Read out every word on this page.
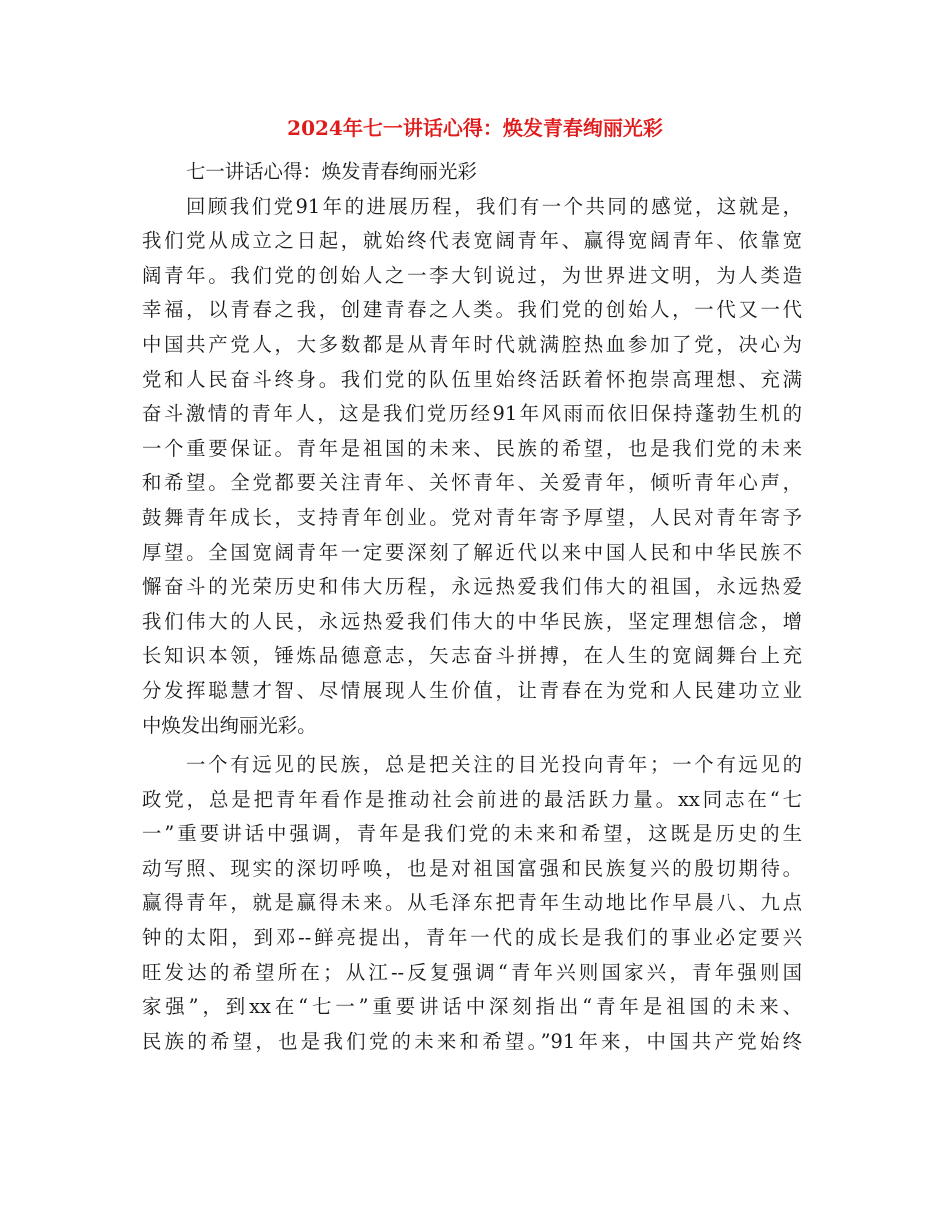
2024年七一讲话心得：焕发青春绚丽光彩

七一讲话心得：焕发青春绚丽光彩

回顾我们党91年的进展历程，我们有一个共同的感觉，这就是，
我们党从成立之日起，就始终代表宽阔青年、赢得宽阔青年、依靠宽
阔青年。我们党的创始人之一李大钊说过，为世界进文明，为人类造
幸福，以青春之我，创建青春之人类。我们党的创始人，一代又一代
中国共产党人，大多数都是从青年时代就满腔热血参加了党，决心为
党和人民奋斗终身。我们党的队伍里始终活跃着怀抱崇高理想、充满
奋斗激情的青年人，这是我们党历经91年风雨而依旧保持蓬勃生机的
一个重要保证。青年是祖国的未来、民族的希望，也是我们党的未来
和希望。全党都要关注青年、关怀青年、关爱青年，倾听青年心声，
鼓舞青年成长，支持青年创业。党对青年寄予厚望，人民对青年寄予
厚望。全国宽阔青年一定要深刻了解近代以来中国人民和中华民族不
懈奋斗的光荣历史和伟大历程，永远热爱我们伟大的祖国，永远热爱
我们伟大的人民，永远热爱我们伟大的中华民族，坚定理想信念，增
长知识本领，锤炼品德意志，矢志奋斗拼搏，在人生的宽阔舞台上充
分发挥聪慧才智、尽情展现人生价值，让青春在为党和人民建功立业
中焕发出绚丽光彩。

一个有远见的民族，总是把关注的目光投向青年；一个有远见的
政党，总是把青年看作是推动社会前进的最活跃力量。xx同志在“七
一”重要讲话中强调，青年是我们党的未来和希望，这既是历史的生
动写照、现实的深切呼唤，也是对祖国富强和民族复兴的殷切期待。
赢得青年，就是赢得未来。从毛泽东把青年生动地比作早晨八、九点
钟的太阳，到邓--鲜亮提出，青年一代的成长是我们的事业必定要兴
旺发达的希望所在；从江--反复强调“青年兴则国家兴，青年强则国
家强”，到xx在“七一”重要讲话中深刻指出“青年是祖国的未来、
民族的希望，也是我们党的未来和希望。”91年来，中国共产党始终
